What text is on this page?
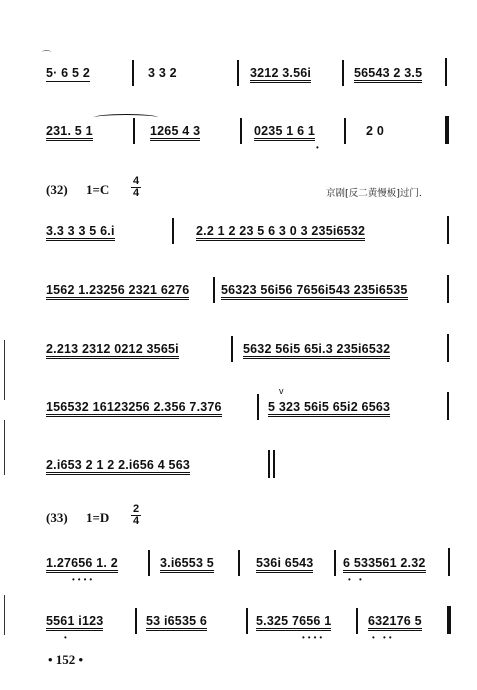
⌒
5· 6 5 2	3 3 2	3212 3.56i	56543 2 3.5
231. 5 1	1265 4 3	0235 1 6 1
•
2 0
(32) $1=C \frac{4}{4}$	京剧[反二黄慢板]过门.
3.3 3 3 5 6.i	2.2 1 2 23 5 6 3 0 3 235i6532
1562 1.23256 2321 6276	56323 56i56 7656i543 235i6535
2.213 2312 0212 3565i	5632 56i5 65i.3 235i6532
v
156532 16123256 2.356 7.376	5 323 56i5 65i2 6563
2.i653 2 1 2 2.i656 4 563
(33) $1=D \frac{2}{4}$
1.27656 1. 2
••••
3.i6553 5	536i 6543 6 533561 2.32
• •
5561 i123
•
53 i6535 6	5.325 7656 1
••••
632176 5
• ••
• 152 •
